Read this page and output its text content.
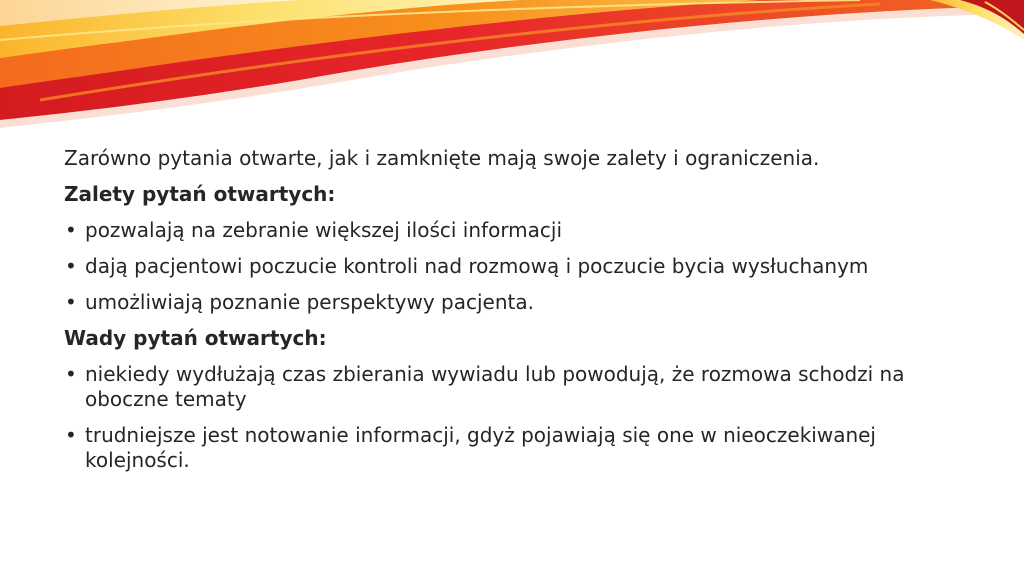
Zarówno pytania otwarte, jak i zamknięte mają swoje zalety i ograniczenia.

Zalety pytań otwartych:

• pozwalają na zebranie większej ilości informacji
• dają pacjentowi poczucie kontroli nad rozmową i poczucie bycia wysłuchanym
• umożliwiają poznanie perspektywy pacjenta.

Wady pytań otwartych:

• niekiedy wydłużają czas zbierania wywiadu lub powodują, że rozmowa schodzi na oboczne tematy
• trudniejsze jest notowanie informacji, gdyż pojawiają się one w nieoczekiwanej kolejności.
